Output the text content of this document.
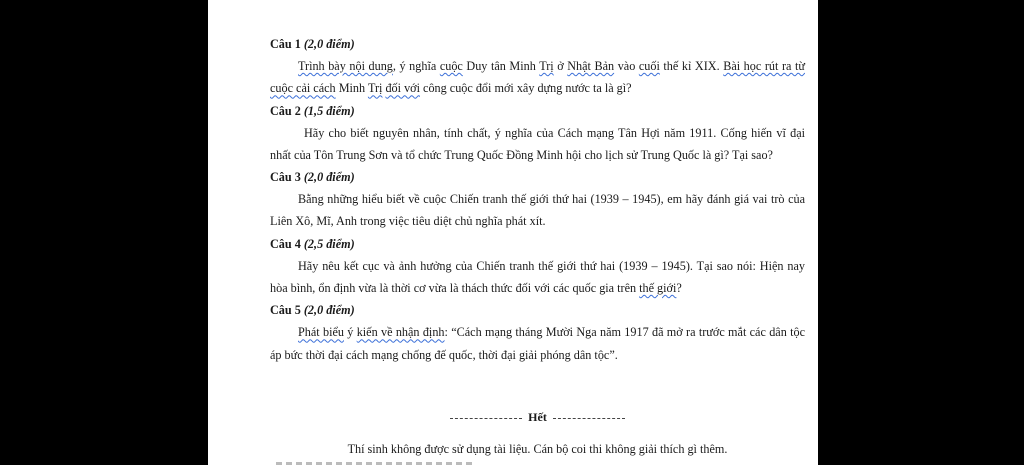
Câu 1 (2,0 điểm)
Trình bày nội dung, ý nghĩa cuộc Duy tân Minh Trị ở Nhật Bản vào cuối thế kỉ XIX. Bài học rút ra từ cuộc cải cách Minh Trị đối với công cuộc đổi mới xây dựng nước ta là gì?
Câu 2 (1,5 điểm)
Hãy cho biết nguyên nhân, tính chất, ý nghĩa của Cách mạng Tân Hợi năm 1911. Cống hiến vĩ đại nhất của Tôn Trung Sơn và tổ chức Trung Quốc Đồng Minh hội cho lịch sử Trung Quốc là gì? Tại sao?
Câu 3 (2,0 điểm)
Bằng những hiểu biết về cuộc Chiến tranh thế giới thứ hai (1939 – 1945), em hãy đánh giá vai trò của Liên Xô, Mĩ, Anh trong việc tiêu diệt chủ nghĩa phát xít.
Câu 4 (2,5 điểm)
Hãy nêu kết cục và ảnh hưởng của Chiến tranh thế giới thứ hai (1939 – 1945). Tại sao nói: Hiện nay hòa bình, ổn định vừa là thời cơ vừa là thách thức đối với các quốc gia trên thế giới?
Câu 5 (2,0 điểm)
Phát biểu ý kiến về nhận định: “Cách mạng tháng Mười Nga năm 1917 đã mở ra trước mắt các dân tộc áp bức thời đại cách mạng chống đế quốc, thời đại giải phóng dân tộc”.
Hết
Thí sinh không được sử dụng tài liệu. Cán bộ coi thi không giải thích gì thêm.
